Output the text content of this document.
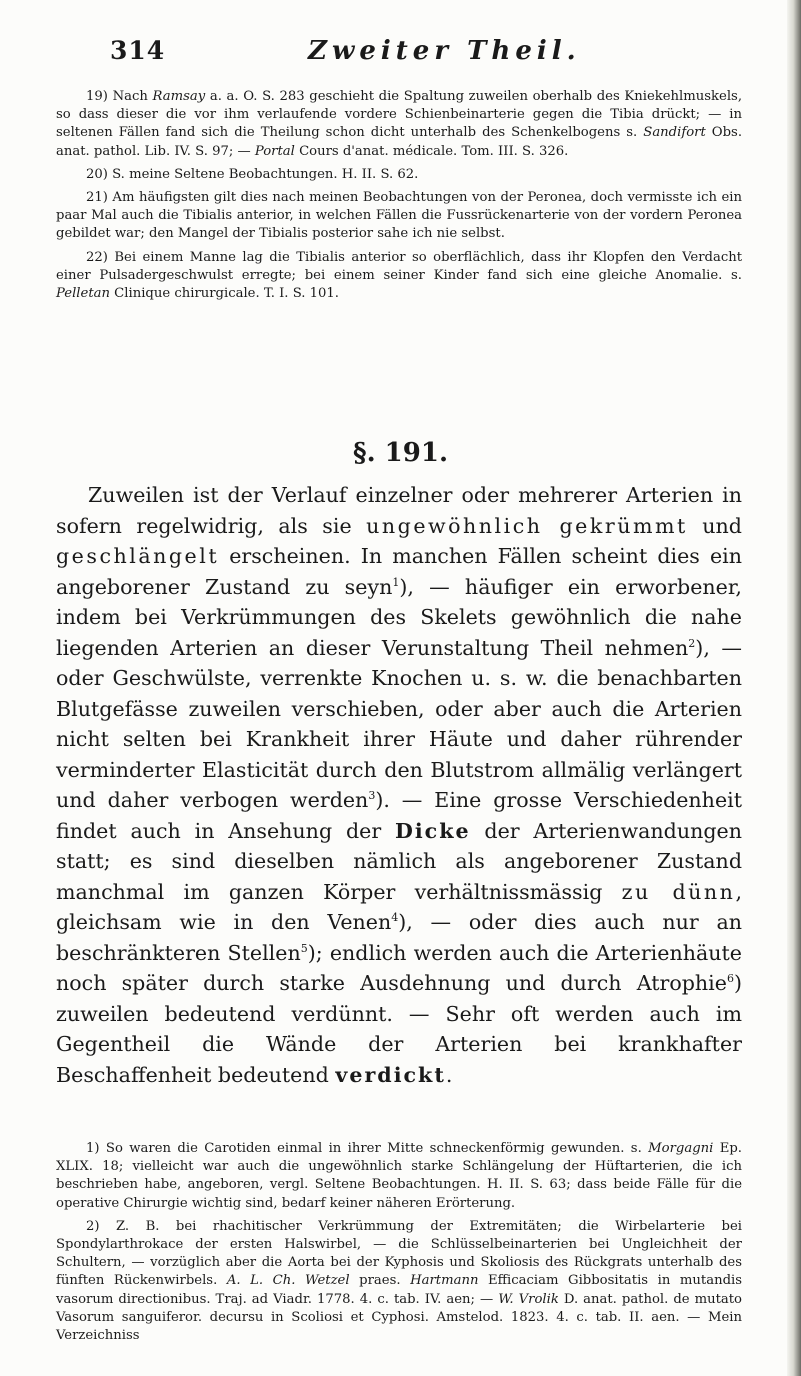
314	Zweiter Theil.

19) Nach Ramsay a. a. O. S. 283 geschieht die Spaltung zuweilen oberhalb des Kniekehlmuskels, so dass dieser die vor ihm verlaufende vordere Schienbeinarterie gegen die Tibia drückt; — in seltenen Fällen fand sich die Theilung schon dicht unterhalb des Schenkelbogens s. Sandifort Obs. anat. pathol. Lib. IV. S. 97; — Portal Cours d'anat. médicale. Tom. III. S. 326.

20) S. meine Seltene Beobachtungen. H. II. S. 62.

21) Am häufigsten gilt dies nach meinen Beobachtungen von der Peronea, doch vermisste ich ein paar Mal auch die Tibialis anterior, in welchen Fällen die Fussrückenarterie von der vordern Peronea gebildet war; den Mangel der Tibialis posterior sahe ich nie selbst.

22) Bei einem Manne lag die Tibialis anterior so oberflächlich, dass ihr Klopfen den Verdacht einer Pulsadergeschwulst erregte; bei einem seiner Kinder fand sich eine gleiche Anomalie. s. Pelletan Clinique chirurgicale. T. I. S. 101.

§. 191.

Zuweilen ist der Verlauf einzelner oder mehrerer Arterien in sofern regelwidrig, als sie ungewöhnlich gekrümmt und geschlängelt erscheinen. In manchen Fällen scheint dies ein angeborener Zustand zu seyn$^1$), — häufiger ein erworbener, indem bei Verkrümmungen des Skelets gewöhnlich die nahe liegenden Arterien an dieser Verunstaltung Theil nehmen$^2$), — oder Geschwülste, verrenkte Knochen u. s. w. die benachbarten Blutgefässe zuweilen verschieben, oder aber auch die Arterien nicht selten bei Krankheit ihrer Häute und daher rührender verminderter Elasticität durch den Blutstrom allmälig verlängert und daher verbogen werden$^3$). — Eine grosse Verschiedenheit findet auch in Ansehung der Dicke der Arterienwandungen statt; es sind dieselben nämlich als angeborener Zustand manchmal im ganzen Körper verhältnissmässig zu dünn, gleichsam wie in den Venen$^4$), — oder dies auch nur an beschränkteren Stellen$^5$); endlich werden auch die Arterienhäute noch später durch starke Ausdehnung und durch Atrophie$^6$) zuweilen bedeutend verdünnt. — Sehr oft werden auch im Gegentheil die Wände der Arterien bei krankhafter Beschaffenheit bedeutend verdickt.

1) So waren die Carotiden einmal in ihrer Mitte schneckenförmig gewunden. s. Morgagni Ep. XLIX. 18; vielleicht war auch die ungewöhnlich starke Schlängelung der Hüftarterien, die ich beschrieben habe, angeboren, vergl. Seltene Beobachtungen. H. II. S. 63; dass beide Fälle für die operative Chirurgie wichtig sind, bedarf keiner näheren Erörterung.

2) Z. B. bei rhachitischer Verkrümmung der Extremitäten; die Wirbelarterie bei Spondylarthrokace der ersten Halswirbel, — die Schlüsselbeinarterien bei Ungleichheit der Schultern, — vorzüglich aber die Aorta bei der Kyphosis und Skoliosis des Rückgrats unterhalb des fünften Rückenwirbels. A. L. Ch. Wetzel praes. Hartmann Efficaciam Gibbositatis in mutandis vasorum directionibus. Traj. ad Viadr. 1778. 4. c. tab. IV. aen; — W. Vrolik D. anat. pathol. de mutato Vasorum sanguiferor. decursu in Scoliosi et Cyphosi. Amstelod. 1823. 4. c. tab. II. aen. — Mein Verzeichniss
